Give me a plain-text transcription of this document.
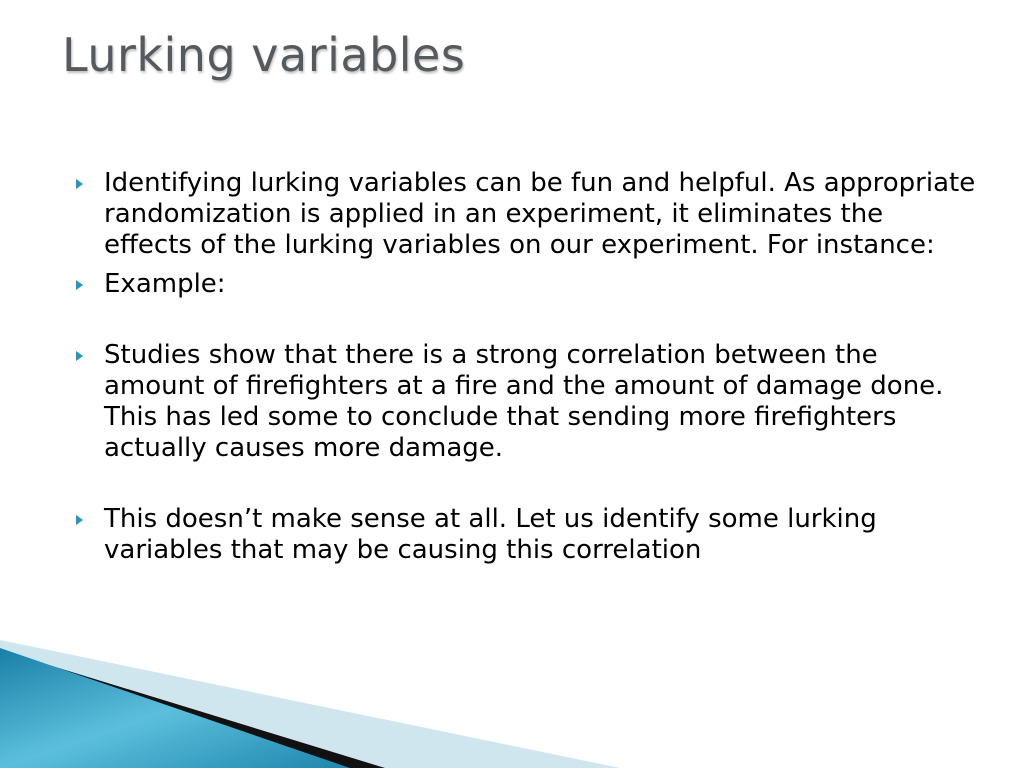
Lurking variables
Identifying lurking variables can be fun and helpful. As appropriate randomization is applied in an experiment, it eliminates the effects of the lurking variables on our experiment. For instance:
Example:
Studies show that there is a strong correlation between the amount of firefighters at a fire and the amount of damage done. This has led some to conclude that sending more firefighters actually causes more damage.
This doesn’t make sense at all. Let us identify some lurking variables that may be causing this correlation
